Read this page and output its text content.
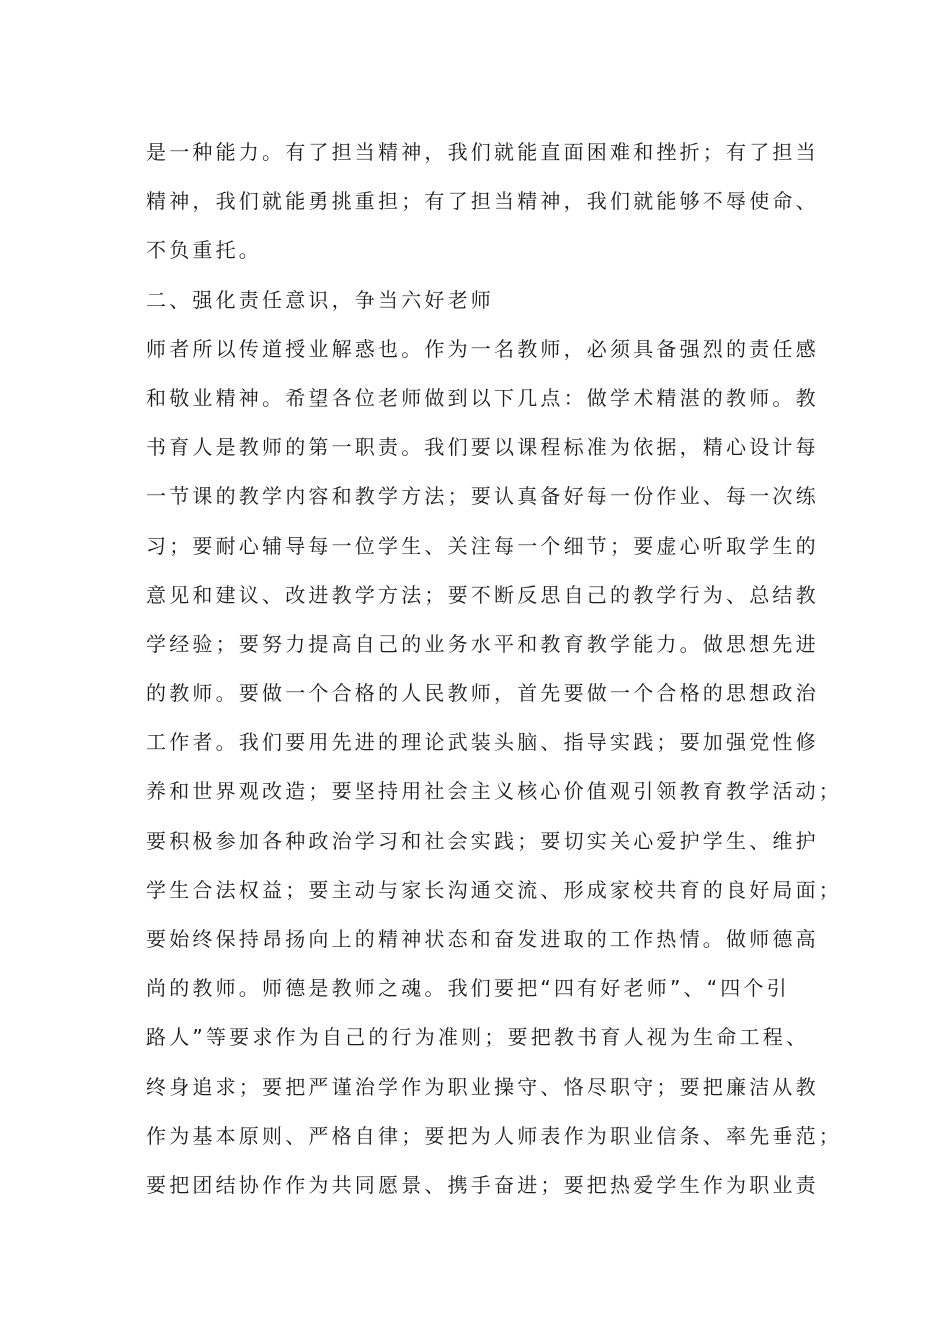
是一种能力。有了担当精神，我们就能直面困难和挫折；有了担当
精神，我们就能勇挑重担；有了担当精神，我们就能够不辱使命、
不负重托。
二、强化责任意识，争当六好老师
师者所以传道授业解惑也。作为一名教师，必须具备强烈的责任感
和敬业精神。希望各位老师做到以下几点：做学术精湛的教师。教
书育人是教师的第一职责。我们要以课程标准为依据，精心设计每
一节课的教学内容和教学方法；要认真备好每一份作业、每一次练
习；要耐心辅导每一位学生、关注每一个细节；要虚心听取学生的
意见和建议、改进教学方法；要不断反思自己的教学行为、总结教
学经验；要努力提高自己的业务水平和教育教学能力。做思想先进
的教师。要做一个合格的人民教师，首先要做一个合格的思想政治
工作者。我们要用先进的理论武装头脑、指导实践；要加强党性修
养和世界观改造；要坚持用社会主义核心价值观引领教育教学活动；
要积极参加各种政治学习和社会实践；要切实关心爱护学生、维护
学生合法权益；要主动与家长沟通交流、形成家校共育的良好局面；
要始终保持昂扬向上的精神状态和奋发进取的工作热情。做师德高
尚的教师。师德是教师之魂。我们要把“四有好老师”、“四个引
路人”等要求作为自己的行为准则；要把教书育人视为生命工程、
终身追求；要把严谨治学作为职业操守、恪尽职守；要把廉洁从教
作为基本原则、严格自律；要把为人师表作为职业信条、率先垂范；
要把团结协作作为共同愿景、携手奋进；要把热爱学生作为职业责
